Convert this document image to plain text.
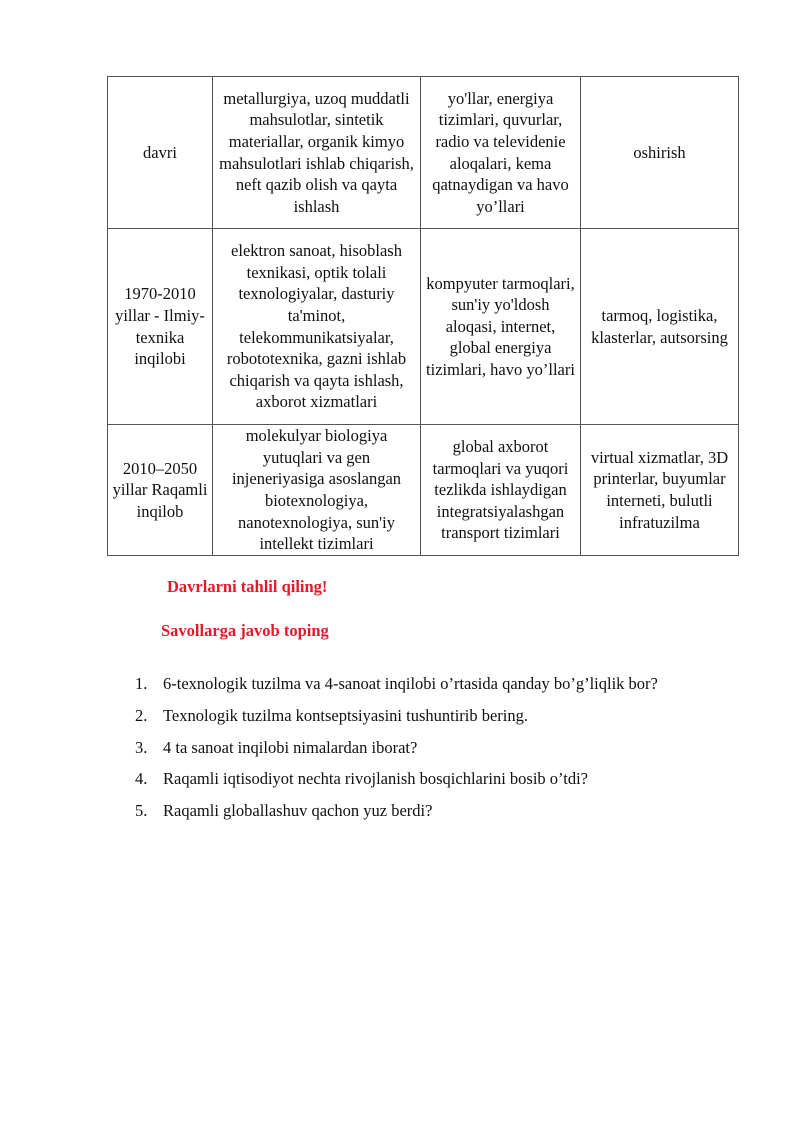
davri	metallurgiya, uzoq muddatli mahsulotlar, sintetik materiallar, organik kimyo mahsulotlari ishlab chiqarish, neft qazib olish va qayta ishlash	yo'llar, energiya tizimlari, quvurlar, radio va televidenie aloqalari, kema qatnaydigan va havo yo’llari	oshirish
1970-2010 yillar - Ilmiy-texnika inqilobi	elektron sanoat, hisoblash texnikasi, optik tolali texnologiyalar, dasturiy ta'minot, telekommunikatsiyalar, robototexnika, gazni ishlab chiqarish va qayta ishlash, axborot xizmatlari	kompyuter tarmoqlari, sun'iy yo'ldosh aloqasi, internet, global energiya tizimlari, havo yo’llari	tarmoq, logistika, klasterlar, autsorsing
2010–2050 yillar Raqamli inqilob	molekulyar biologiya yutuqlari va gen injeneriyasiga asoslangan biotexnologiya, nanotexnologiya, sun'iy intellekt tizimlari	global axborot tarmoqlari va yuqori tezlikda ishlaydigan integratsiyalashgan transport tizimlari	virtual xizmatlar, 3D printerlar, buyumlar interneti, bulutli infratuzilma

Davrlarni tahlil qiling!

Savollarga javob toping

1. 6-texnologik tuzilma va 4-sanoat inqilobi o’rtasida qanday bo’g’liqlik bor?
2. Texnologik tuzilma kontseptsiyasini tushuntirib bering.
3. 4 ta sanoat inqilobi nimalardan iborat?
4. Raqamli iqtisodiyot nechta rivojlanish bosqichlarini bosib o’tdi?
5. Raqamli globallashuv qachon yuz berdi?
